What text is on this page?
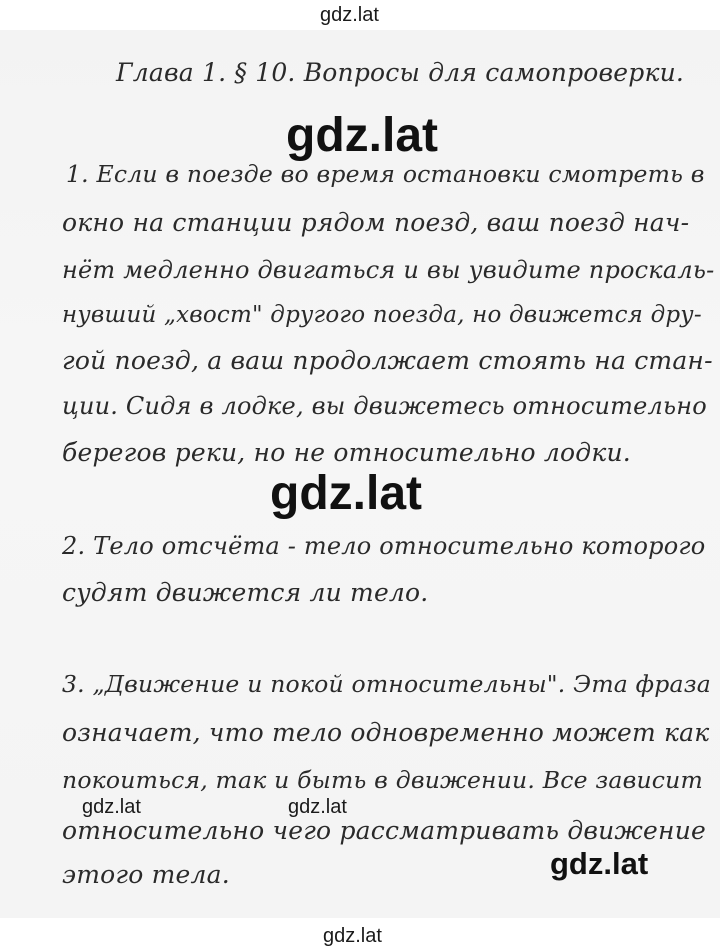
gdz.lat
gdz.lat
gdz.lat
gdz.lat	gdz.lat
gdz.lat
gdz.lat
Глава 1. § 10. Вопросы для самопроверки.
1. Если в поезде во время остановки смотреть в
окно на станции рядом поезд, ваш поезд нач-
нёт медленно двигаться и вы увидите проскаль-
нувший „хвост" другого поезда, но движется дру-
гой поезд, а ваш продолжает стоять на стан-
ции. Сидя в лодке, вы движетесь относительно
берегов реки, но не относительно лодки.
2. Тело отсчёта - тело относительно которого
судят движется ли тело.
3. „Движение и покой относительны". Эта фраза
означает, что тело одновременно может как
покоиться, так и быть в движении. Все зависит
относительно чего рассматривать движение
этого тела.
